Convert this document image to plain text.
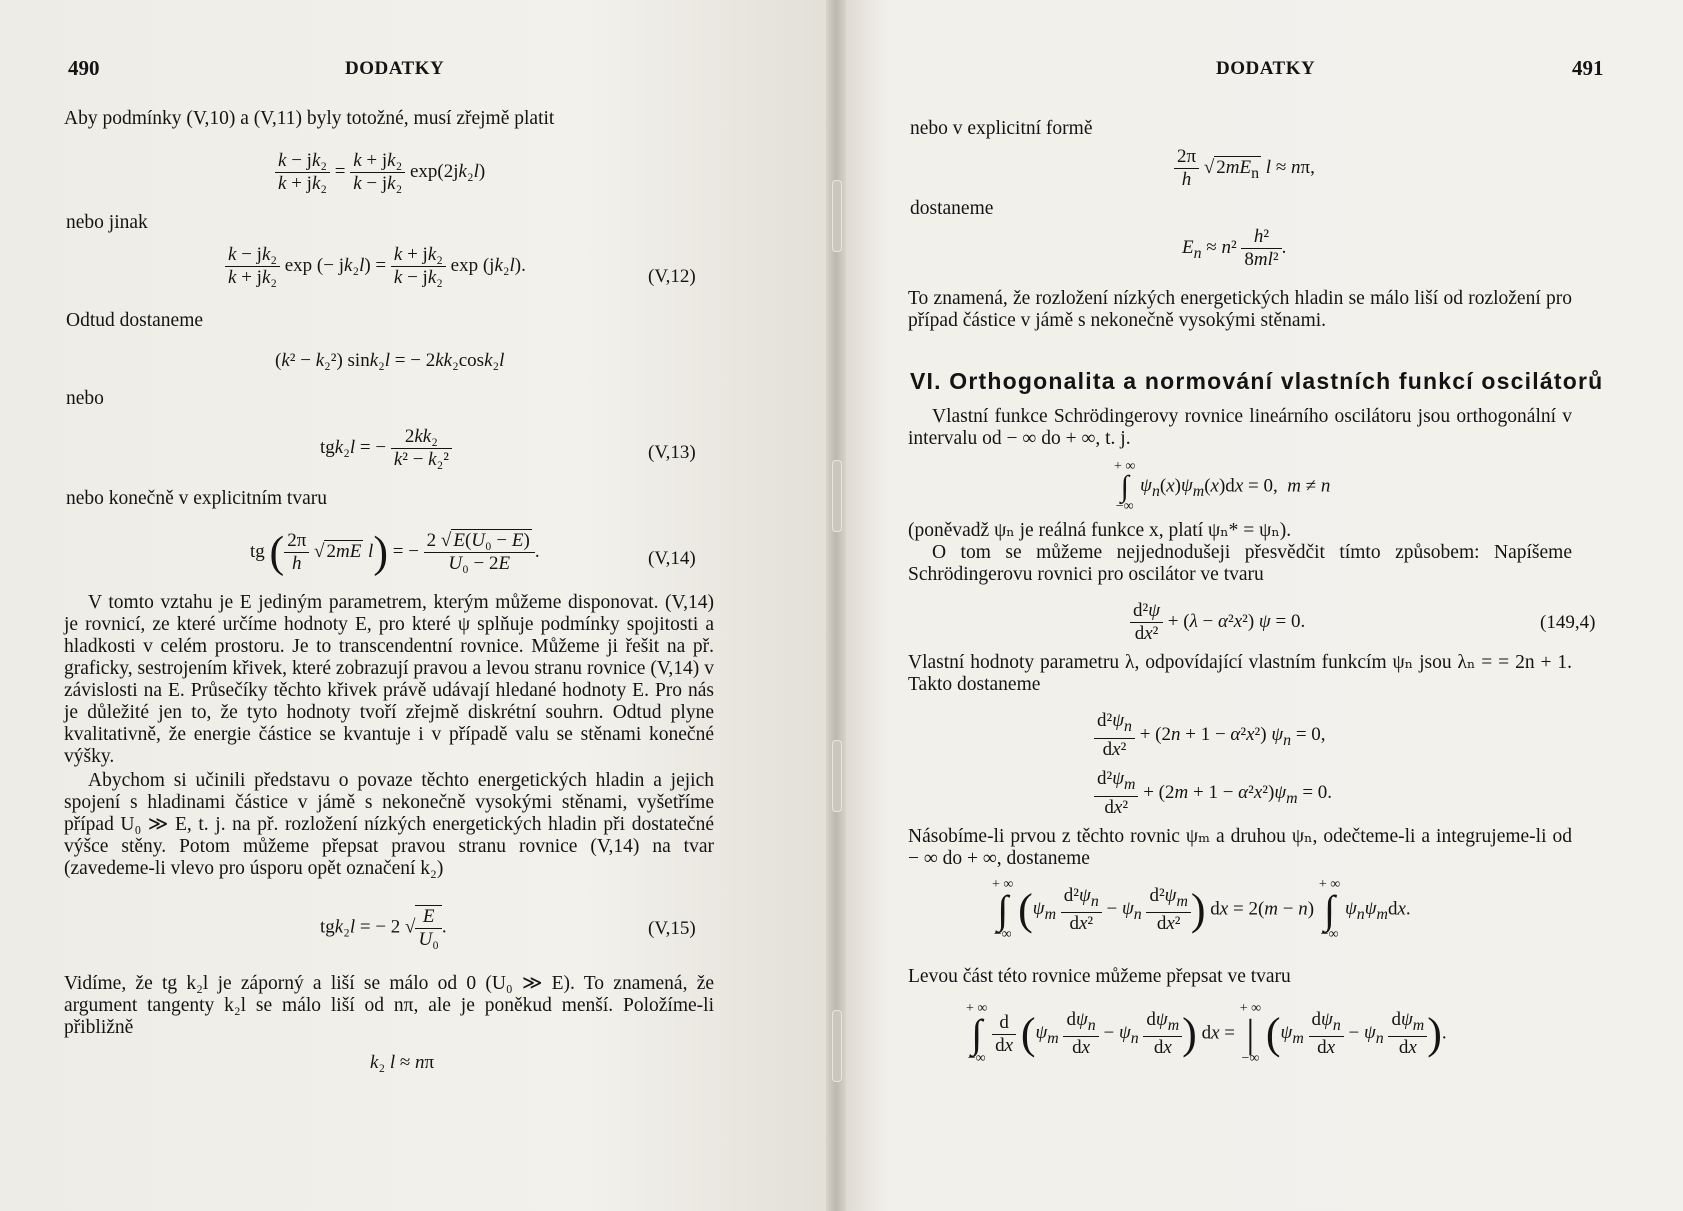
490	DODATKY
Aby podmínky (V,10) a (V,11) byly totožné, musí zřejmě platit
$\frac{\text{k − jk₂}}{\text{k + jk₂}} = \frac{\text{k + jk₂}}{\text{k − jk₂}} \exp(2jk_2l)$
nebo jinak
$\frac{\text{k − jk₂}}{\text{k + jk₂}}$ exp (− $jk_2l) = \frac{\text{k + jk₂}}{\text{k − jk₂}}$ exp (jk₂l).
(V,12)
Odtud dostaneme
(k² − k₂²) sink₂l = − 2kk₂cosk₂l
nebo
tgk₂l = − $\frac{\text{2kk₂}}{\text{k² − k₂²}}$	(V,13)
nebo konečně v explicitním tvaru
tg ( $\frac{2\pi}{h}$ √ 2mE l) = − $\frac{\text{2 √ E(U₀ − E)}}{\text{U₀ − 2E}}$ .	(V,14)
V tomto vztahu je E jediným parametrem, kterým můžeme disponovat. (V,14) je rovnicí, ze které určíme hodnoty E, pro které ψ splňuje podmínky spojitosti a hladkosti v celém prostoru. Je to transcendentní rovnice. Můžeme ji řešit na př. graficky, sestrojením křivek, které zobrazují pravou a levou stranu rovnice (V,14) v závislosti na E. Průsečíky těchto křivek právě udávají hledané hodnoty E. Pro nás je důležité jen to, že tyto hodnoty tvoří zřejmě diskrétní souhrn. Odtud plyne kvalitativně, že energie částice se kvantuje i v případě valu se stěnami konečné výšky.
Abychom si učinili představu o povaze těchto energetických hladin a jejich spojení s hladinami částice v jámě s nekonečně vysokými stěnami, vyšetříme případ U₀ ≫ E, t. j. na př. rozložení nízkých energetických hladin při dostatečné výšce stěny. Potom můžeme přepsat pravou stranu rovnice (V,14) na tvar (zavedeme-li vlevo pro úsporu opět označení k₂)
tgk₂l = − 2 √ $\frac{E}{\text{U₀}}$ .	(V,15)
Vidíme, že tg k₂l je záporný a liší se málo od 0 (U₀ ≫ E). To znamená, že argument tangenty k₂l se málo liší od nπ, ale je poněkud menší. Položíme-li přibližně
k₂ l ≈ nπ
DODATKY	491
nebo v explicitní formě
$\frac{2\pi}{h}$ √ $2mE_n$ l ≈ nπ,
dostaneme
$E_n \approx n^2 \frac{\text{h²}}{\text{8ml²}}$ .
To znamená, že rozložení nízkých energetických hladin se málo liší od rozložení pro případ částice v jámě s nekonečně vysokými stěnami.
VI. Orthogonalita a normování vlastních funkcí oscilátorů
Vlastní funkce Schrödingerovy rovnice lineárního oscilátoru jsou orthogonální v intervalu od − ∞ do + ∞, t. j.
+ ∞
∫
−∞ $\psi_n(x)\psi_m(x)dx = 0$,  m ≠ n
(poněvadž ψₙ je reálná funkce x, platí ψₙ* = ψₙ).
O tom se můžeme nejjednodušeji přesvědčit tímto způsobem: Napíšeme Schrödingerovu rovnici pro oscilátor ve tvaru
$\frac{\text{d²ψ}}{\text{dx²}} + (\lambda - \alpha^2x^2) \psi = 0$.	(149,4)
Vlastní hodnoty parametru λ, odpovídající vlastním funkcím ψₙ jsou λₙ = = 2n + 1. Takto dostaneme
$\frac{d^2\psi_n}{\text{dx²}} + (2n + 1 - \alpha^2x^2) \psi_n = 0$,
$\frac{d^2\psi_m}{\text{dx²}} + (2m + 1 - \alpha^2x^2)\psi_m = 0$.
Násobíme-li prvou z těchto rovnic ψₘ a druhou ψₙ, odečteme-li a integrujeme-li od − ∞ do + ∞, dostaneme
+ ∞
∫
−∞ ($\psi_m \frac{d^2\psi_n}{\text{dx²}} - \psi_n \frac{d^2\psi_m}{\text{dx²}}$ ) dx = 2(m − n) + ∞
∫
−∞ $\psi_n\psi_mdx$.
Levou část této rovnice můžeme přepsat ve tvaru
+ ∞
∫
−∞
$\frac{d}{dx} (\psi_m \frac{d\psi_n}{dx} - \psi_n \frac{d\psi_m}{dx}$ ) dx = + ∞
|
−∞ ($\psi_m \frac{d\psi_n}{dx} - \psi_n \frac{d\psi_m}{dx}$ ).
